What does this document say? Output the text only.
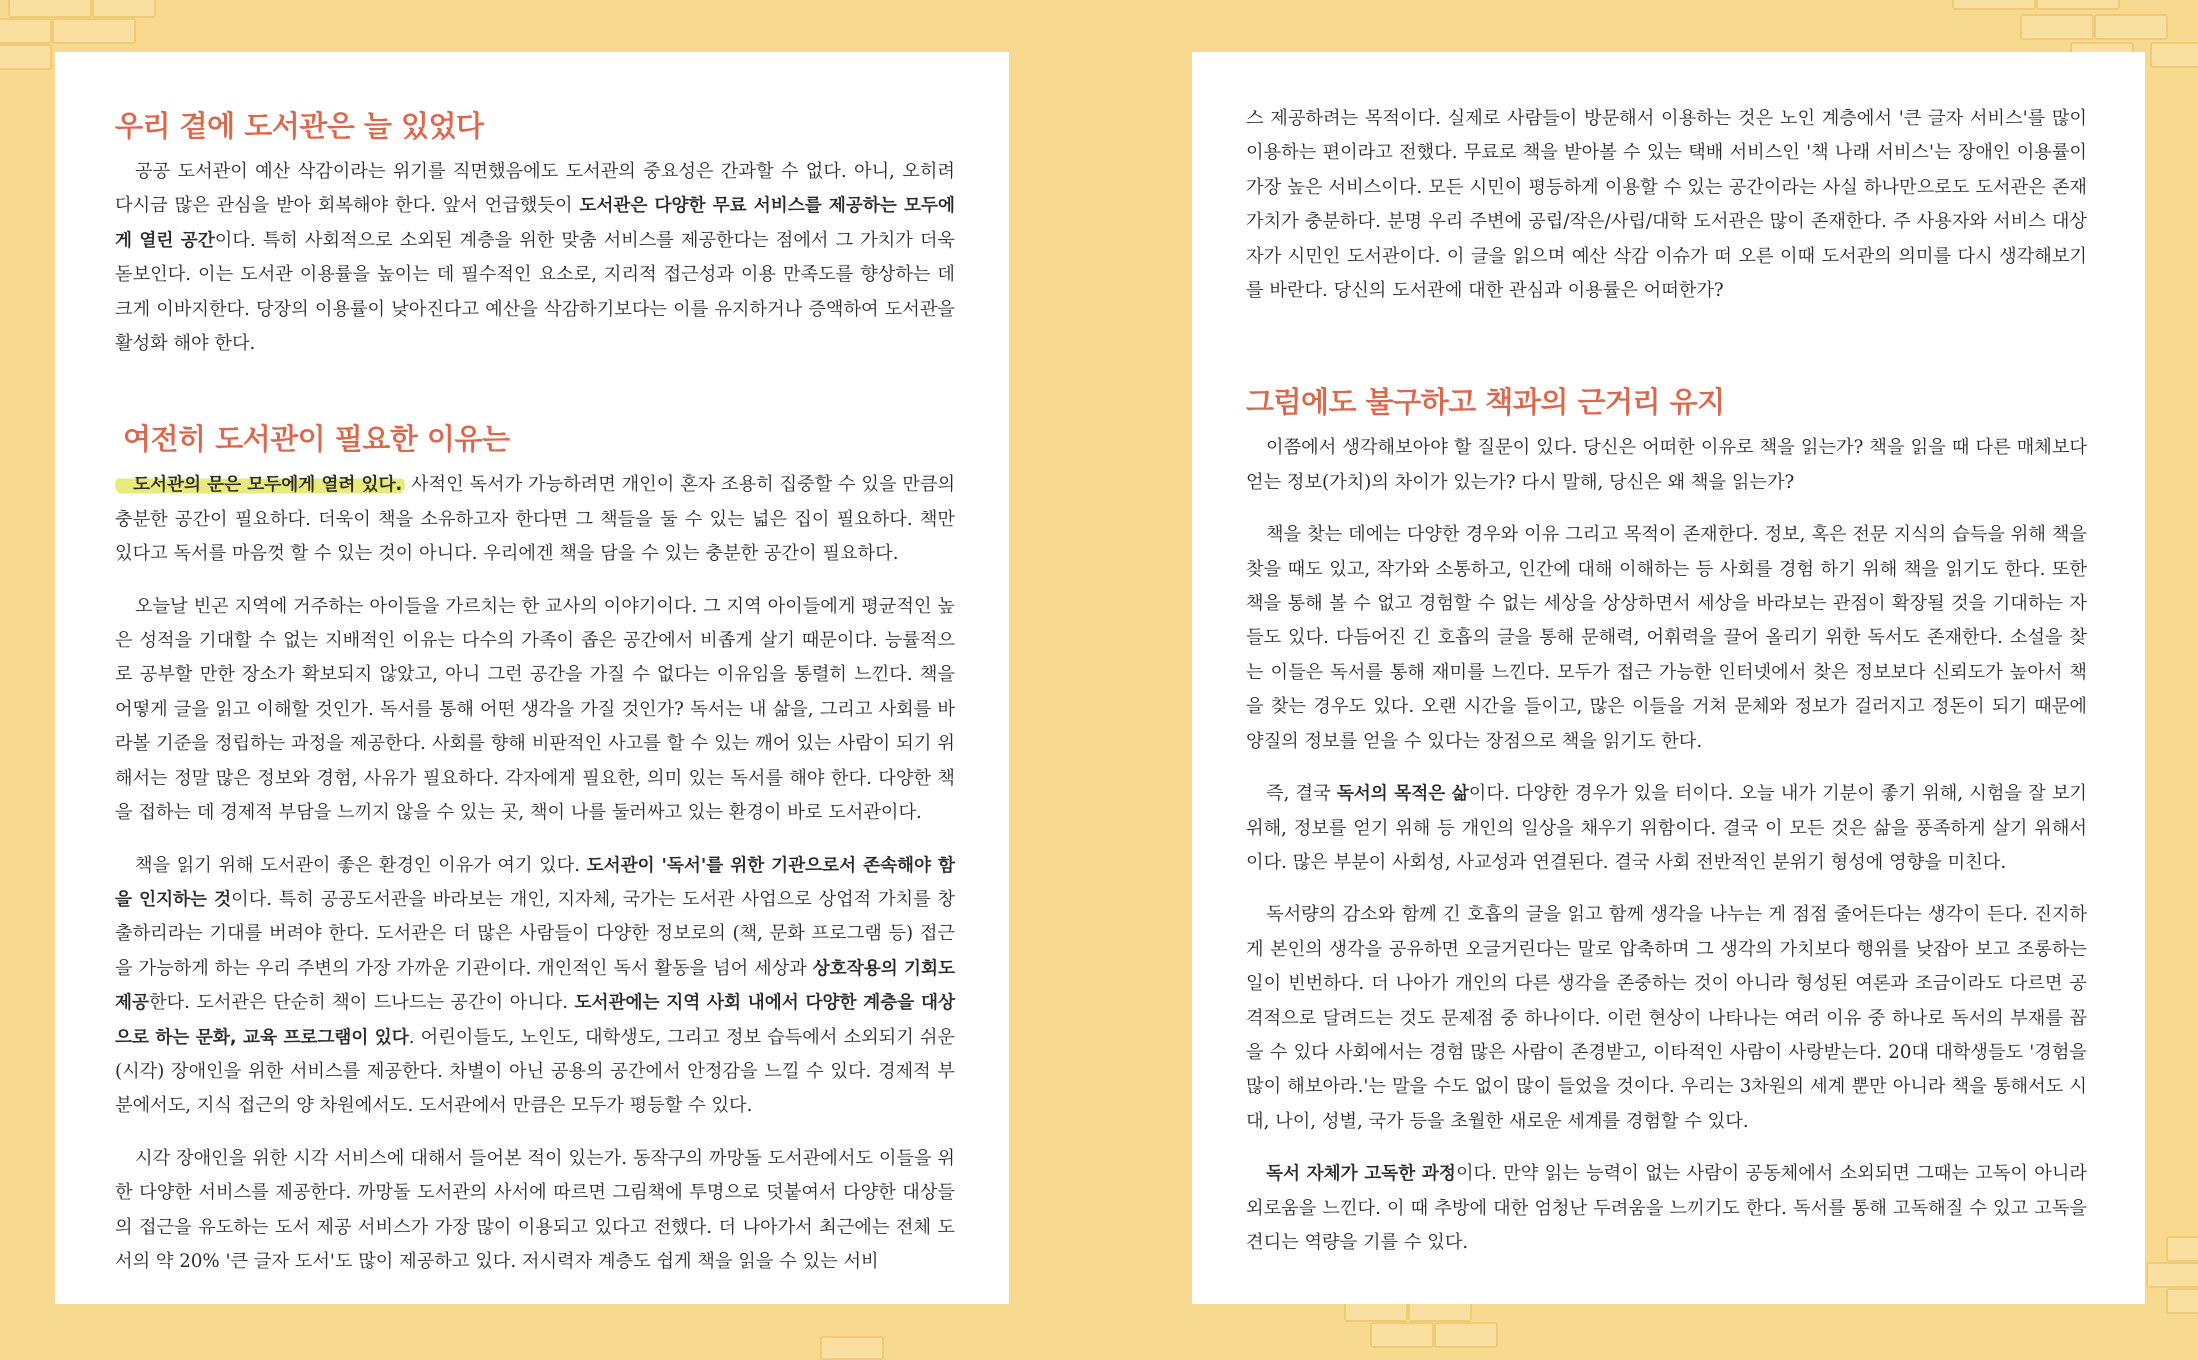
우리 곁에 도서관은 늘 있었다

공공 도서관이 예산 삭감이라는 위기를 직면했음에도 도서관의 중요성은 간과할 수 없다. 아니, 오히려 다시금 많은 관심을 받아 회복해야 한다. 앞서 언급했듯이 도서관은 다양한 무료 서비스를 제공하는 모두에게 열린 공간이다. 특히 사회적으로 소외된 계층을 위한 맞춤 서비스를 제공한다는 점에서 그 가치가 더욱 돋보인다. 이는 도서관 이용률을 높이는 데 필수적인 요소로, 지리적 접근성과 이용 만족도를 향상하는 데 크게 이바지한다. 당장의 이용률이 낮아진다고 예산을 삭감하기보다는 이를 유지하거나 증액하여 도서관을 활성화 해야 한다.

여전히 도서관이 필요한 이유는

도서관의 문은 모두에게 열려 있다. 사적인 독서가 가능하려면 개인이 혼자 조용히 집중할 수 있을 만큼의 충분한 공간이 필요하다. 더욱이 책을 소유하고자 한다면 그 책들을 둘 수 있는 넓은 집이 필요하다. 책만 있다고 독서를 마음껏 할 수 있는 것이 아니다. 우리에겐 책을 담을 수 있는 충분한 공간이 필요하다.

오늘날 빈곤 지역에 거주하는 아이들을 가르치는 한 교사의 이야기이다. 그 지역 아이들에게 평균적인 높은 성적을 기대할 수 없는 지배적인 이유는 다수의 가족이 좁은 공간에서 비좁게 살기 때문이다. 능률적으로 공부할 만한 장소가 확보되지 않았고, 아니 그런 공간을 가질 수 없다는 이유임을 통렬히 느낀다. 책을 어떻게 글을 읽고 이해할 것인가. 독서를 통해 어떤 생각을 가질 것인가? 독서는 내 삶을, 그리고 사회를 바라볼 기준을 정립하는 과정을 제공한다. 사회를 향해 비판적인 사고를 할 수 있는 깨어 있는 사람이 되기 위해서는 정말 많은 정보와 경험, 사유가 필요하다. 각자에게 필요한, 의미 있는 독서를 해야 한다. 다양한 책을 접하는 데 경제적 부담을 느끼지 않을 수 있는 곳, 책이 나를 둘러싸고 있는 환경이 바로 도서관이다.

책을 읽기 위해 도서관이 좋은 환경인 이유가 여기 있다. 도서관이 '독서'를 위한 기관으로서 존속해야 함을 인지하는 것이다. 특히 공공도서관을 바라보는 개인, 지자체, 국가는 도서관 사업으로 상업적 가치를 창출하리라는 기대를 버려야 한다. 도서관은 더 많은 사람들이 다양한 정보로의 (책, 문화 프로그램 등) 접근을 가능하게 하는 우리 주변의 가장 가까운 기관이다. 개인적인 독서 활동을 넘어 세상과 상호작용의 기회도 제공한다. 도서관은 단순히 책이 드나드는 공간이 아니다. 도서관에는 지역 사회 내에서 다양한 계층을 대상으로 하는 문화, 교육 프로그램이 있다. 어린이들도, 노인도, 대학생도, 그리고 정보 습득에서 소외되기 쉬운 (시각) 장애인을 위한 서비스를 제공한다. 차별이 아닌 공용의 공간에서 안정감을 느낄 수 있다. 경제적 부분에서도, 지식 접근의 양 차원에서도. 도서관에서 만큼은 모두가 평등할 수 있다.

시각 장애인을 위한 시각 서비스에 대해서 들어본 적이 있는가. 동작구의 까망돌 도서관에서도 이들을 위한 다양한 서비스를 제공한다. 까망돌 도서관의 사서에 따르면 그림책에 투명으로 덧붙여서 다양한 대상들의 접근을 유도하는 도서 제공 서비스가 가장 많이 이용되고 있다고 전했다. 더 나아가서 최근에는 전체 도서의 약 20% '큰 글자 도서'도 많이 제공하고 있다. 저시력자 계층도 쉽게 책을 읽을 수 있는 서비

스 제공하려는 목적이다. 실제로 사람들이 방문해서 이용하는 것은 노인 계층에서 '큰 글자 서비스'를 많이 이용하는 편이라고 전했다. 무료로 책을 받아볼 수 있는 택배 서비스인 '책 나래 서비스'는 장애인 이용률이 가장 높은 서비스이다. 모든 시민이 평등하게 이용할 수 있는 공간이라는 사실 하나만으로도 도서관은 존재 가치가 충분하다. 분명 우리 주변에 공립/작은/사립/대학 도서관은 많이 존재한다. 주 사용자와 서비스 대상자가 시민인 도서관이다. 이 글을 읽으며 예산 삭감 이슈가 떠 오른 이때 도서관의 의미를 다시 생각해보기를 바란다. 당신의 도서관에 대한 관심과 이용률은 어떠한가?

그럼에도 불구하고 책과의 근거리 유지

이쯤에서 생각해보아야 할 질문이 있다. 당신은 어떠한 이유로 책을 읽는가? 책을 읽을 때 다른 매체보다 얻는 정보(가치)의 차이가 있는가? 다시 말해, 당신은 왜 책을 읽는가?

책을 찾는 데에는 다양한 경우와 이유 그리고 목적이 존재한다. 정보, 혹은 전문 지식의 습득을 위해 책을 찾을 때도 있고, 작가와 소통하고, 인간에 대해 이해하는 등 사회를 경험 하기 위해 책을 읽기도 한다. 또한 책을 통해 볼 수 없고 경험할 수 없는 세상을 상상하면서 세상을 바라보는 관점이 확장될 것을 기대하는 자들도 있다. 다듬어진 긴 호흡의 글을 통해 문해력, 어휘력을 끌어 올리기 위한 독서도 존재한다. 소설을 찾는 이들은 독서를 통해 재미를 느낀다. 모두가 접근 가능한 인터넷에서 찾은 정보보다 신뢰도가 높아서 책을 찾는 경우도 있다. 오랜 시간을 들이고, 많은 이들을 거쳐 문체와 정보가 걸러지고 정돈이 되기 때문에 양질의 정보를 얻을 수 있다는 장점으로 책을 읽기도 한다.

즉, 결국 독서의 목적은 삶이다. 다양한 경우가 있을 터이다. 오늘 내가 기분이 좋기 위해, 시험을 잘 보기 위해, 정보를 얻기 위해 등 개인의 일상을 채우기 위함이다. 결국 이 모든 것은 삶을 풍족하게 살기 위해서이다. 많은 부분이 사회성, 사교성과 연결된다. 결국 사회 전반적인 분위기 형성에 영향을 미친다.

독서량의 감소와 함께 긴 호흡의 글을 읽고 함께 생각을 나누는 게 점점 줄어든다는 생각이 든다. 진지하게 본인의 생각을 공유하면 오글거린다는 말로 압축하며 그 생각의 가치보다 행위를 낮잡아 보고 조롱하는 일이 빈번하다. 더 나아가 개인의 다른 생각을 존중하는 것이 아니라 형성된 여론과 조금이라도 다르면 공격적으로 달려드는 것도 문제점 중 하나이다. 이런 현상이 나타나는 여러 이유 중 하나로 독서의 부재를 꼽을 수 있다 사회에서는 경험 많은 사람이 존경받고, 이타적인 사람이 사랑받는다. 20대 대학생들도 '경험을 많이 해보아라.'는 말을 수도 없이 많이 들었을 것이다. 우리는 3차원의 세계 뿐만 아니라 책을 통해서도 시대, 나이, 성별, 국가 등을 초월한 새로운 세계를 경험할 수 있다.

독서 자체가 고독한 과정이다. 만약 읽는 능력이 없는 사람이 공동체에서 소외되면 그때는 고독이 아니라 외로움을 느낀다. 이 때 추방에 대한 엄청난 두려움을 느끼기도 한다. 독서를 통해 고독해질 수 있고 고독을 견디는 역량을 기를 수 있다.
